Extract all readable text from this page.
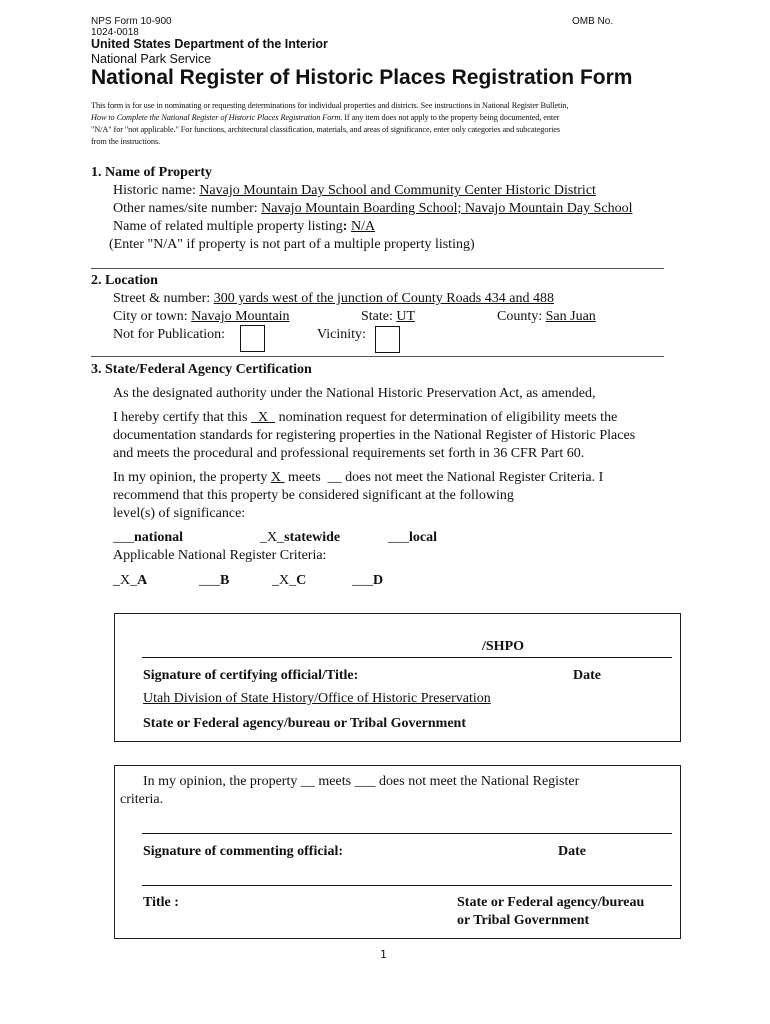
NPS Form 10-900	OMB No.
1024-0018
United States Department of the Interior
National Park Service
National Register of Historic Places Registration Form
This form is for use in nominating or requesting determinations for individual properties and districts. See instructions in National Register Bulletin,
How to Complete the National Register of Historic Places Registration Form. If any item does not apply to the property being documented, enter
"N/A" for "not applicable." For functions, architectural classification, materials, and areas of significance, enter only categories and subcategories
from the instructions.
1. Name of Property
Historic name: Navajo Mountain Day School and Community Center Historic District
Other names/site number: Navajo Mountain Boarding School; Navajo Mountain Day School
Name of related multiple property listing: N/A
(Enter "N/A" if property is not part of a multiple property listing)
2. Location
Street & number: 300 yards west of the junction of County Roads 434 and 488
City or town: Navajo Mountain	State: UT	County: San Juan
Not for Publication:	Vicinity:
3. State/Federal Agency Certification
As the designated authority under the National Historic Preservation Act, as amended,
I hereby certify that this   X   nomination request for determination of eligibility meets the
documentation standards for registering properties in the National Register of Historic Places
and meets the procedural and professional requirements set forth in 36 CFR Part 60.
In my opinion, the property X  meets  __ does not meet the National Register Criteria. I
recommend that this property be considered significant at the following
level(s) of significance:
___national	_X_statewide	___local
Applicable National Register Criteria:
_X_A	___B	_X_C	___D
/SHPO
Signature of certifying official/Title:	Date
Utah Division of State History/Office of Historic Preservation
State or Federal agency/bureau or Tribal Government
In my opinion, the property __ meets ___ does not meet the National Register
criteria.
Signature of commenting official:	Date
Title :	State or Federal agency/bureau
or Tribal Government
1
